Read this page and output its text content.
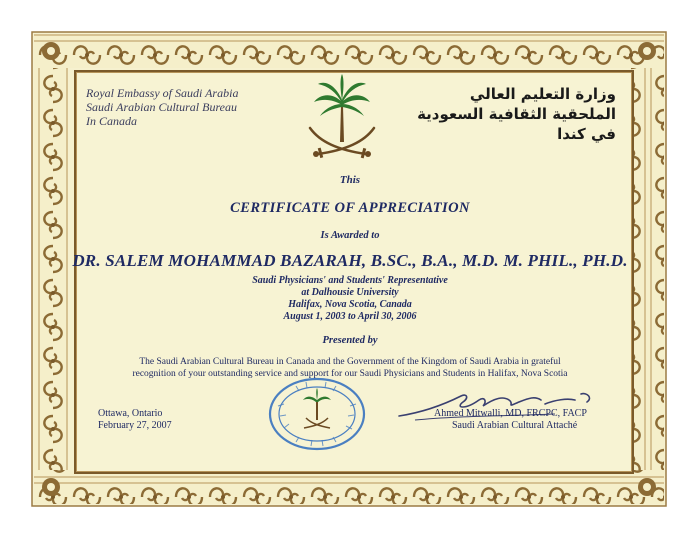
Royal Embassy of Saudi Arabia
Saudi Arabian Cultural Bureau
In Canada
وزارة التعليم العالي
الملحقية الثقافية السعودية
في كندا
This
CERTIFICATE OF APPRECIATION
Is Awarded to
DR. SALEM MOHAMMAD BAZARAH, B.SC., B.A., M.D. M. PHIL., PH.D.
Saudi Physicians' and Students' Representative
at Dalhousie University
Halifax, Nova Scotia, Canada
August 1, 2003 to April 30, 2006
Presented by
The Saudi Arabian Cultural Bureau in Canada and the Government of the Kingdom of Saudi Arabia in grateful
recognition of your outstanding service and support for our Saudi Physicians and Students in Halifax, Nova Scotia
Ottawa, Ontario
February 27, 2007
Ahmed Mitwalli, MD, FRCPC, FACP
Saudi Arabian Cultural Attaché
